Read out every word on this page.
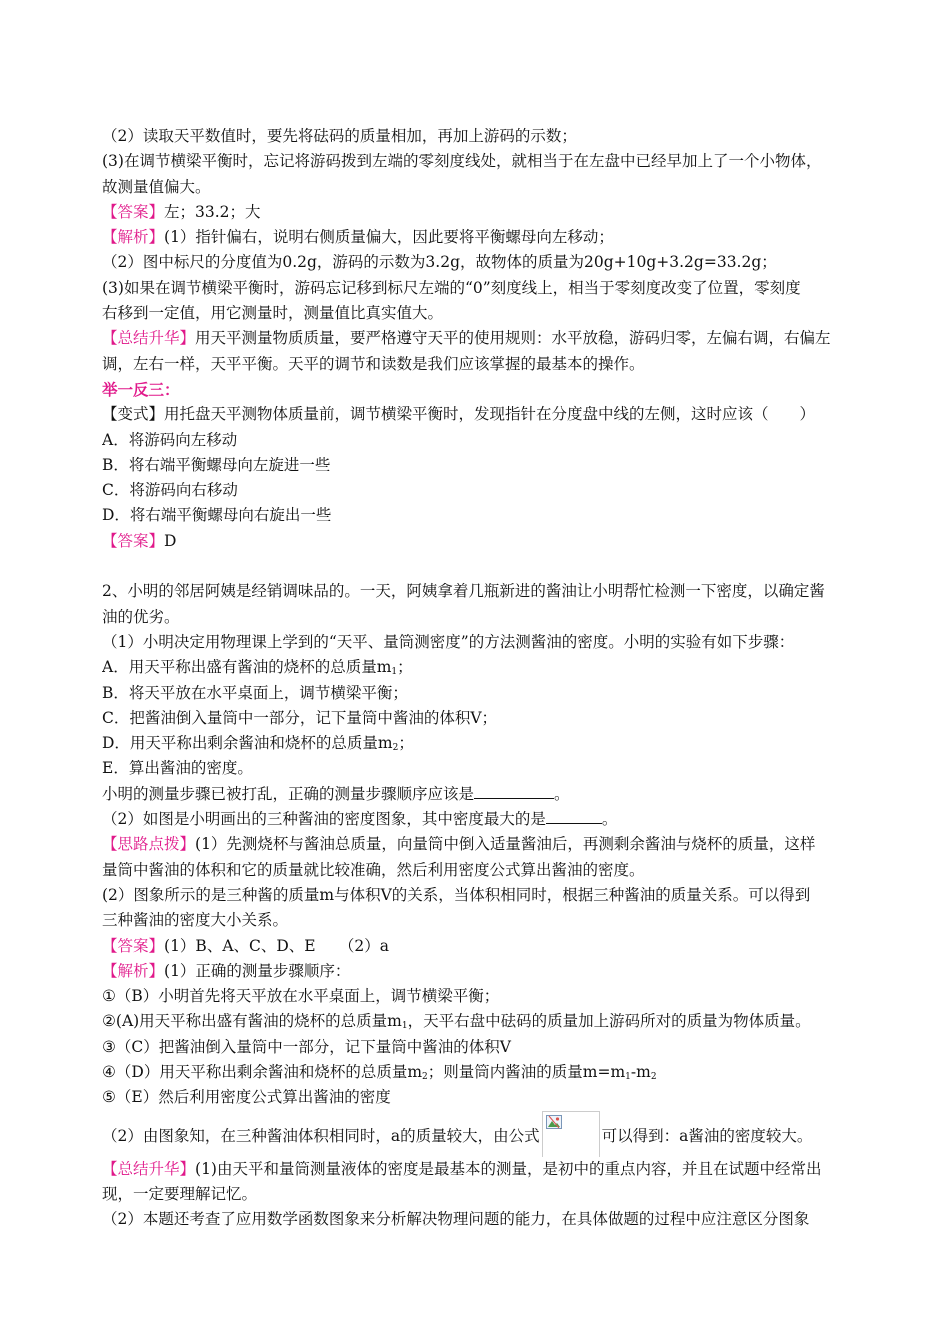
（2）读取天平数值时，要先将砝码的质量相加，再加上游码的示数；
(3)在调节横梁平衡时，忘记将游码拨到左端的零刻度线处，就相当于在左盘中已经早加上了一个小物体，
故测量值偏大。
【答案】左；33.2；大
【解析】(1）指针偏右，说明右侧质量偏大，因此要将平衡螺母向左移动；
（2）图中标尺的分度值为0.2g，游码的示数为3.2g，故物体的质量为20g+10g+3.2g=33.2g；
(3)如果在调节横梁平衡时，游码忘记移到标尺左端的“0”刻度线上，相当于零刻度改变了位置，零刻度
右移到一定值，用它测量时，测量值比真实值大。
【总结升华】用天平测量物质质量，要严格遵守天平的使用规则：水平放稳，游码归零，左偏右调，右偏左
调，左右一样，天平平衡。天平的调节和读数是我们应该掌握的最基本的操作。
举一反三：
【变式】用托盘天平测物体质量前，调节横梁平衡时，发现指针在分度盘中线的左侧，这时应该（　　）
A．将游码向左移动
B．将右端平衡螺母向左旋进一些
C．将游码向右移动
D．将右端平衡螺母向右旋出一些
【答案】D
2、小明的邻居阿姨是经销调味品的。一天，阿姨拿着几瓶新进的酱油让小明帮忙检测一下密度，以确定酱
油的优劣。
（1）小明决定用物理课上学到的“天平、量筒测密度”的方法测酱油的密度。小明的实验有如下步骤：
A．用天平称出盛有酱油的烧杯的总质量$m_1$；
B．将天平放在水平桌面上，调节横梁平衡；
C．把酱油倒入量筒中一部分，记下量筒中酱油的体积V；
D．用天平称出剩余酱油和烧杯的总质量$m_2$；
E．算出酱油的密度。
小明的测量步骤已被打乱，正确的测量步骤顺序应该是	。
（2）如图是小明画出的三种酱油的密度图象，其中密度最大的是	。
【思路点拨】(1）先测烧杯与酱油总质量，向量筒中倒入适量酱油后，再测剩余酱油与烧杯的质量，这样
量筒中酱油的体积和它的质量就比较准确，然后利用密度公式算出酱油的密度。
(2）图象所示的是三种酱的质量m与体积V的关系，当体积相同时，根据三种酱油的质量关系。可以得到
三种酱油的密度大小关系。
【答案】(1）B、A、C、D、E　　（2）a
【解析】(1）正确的测量步骤顺序：
①（B）小明首先将天平放在水平桌面上，调节横梁平衡；
②(A)用天平称出盛有酱油的烧杯的总质量$m_1$，天平右盘中砝码的质量加上游码所对的质量为物体质量。
③（C）把酱油倒入量筒中一部分，记下量筒中酱油的体积V
④（D）用天平称出剩余酱油和烧杯的总质量$m_2$；则量筒内酱油的质量$m=m_1-m_2$
⑤（E）然后利用密度公式算出酱油的密度
（2）由图象知，在三种酱油体积相同时，a的质量较大，由公式	可以得到：a酱油的密度较大。
【总结升华】(1)由天平和量筒测量液体的密度是最基本的测量，是初中的重点内容，并且在试题中经常出
现，一定要理解记忆。
（2）本题还考查了应用数学函数图象来分析解决物理问题的能力，在具体做题的过程中应注意区分图象
